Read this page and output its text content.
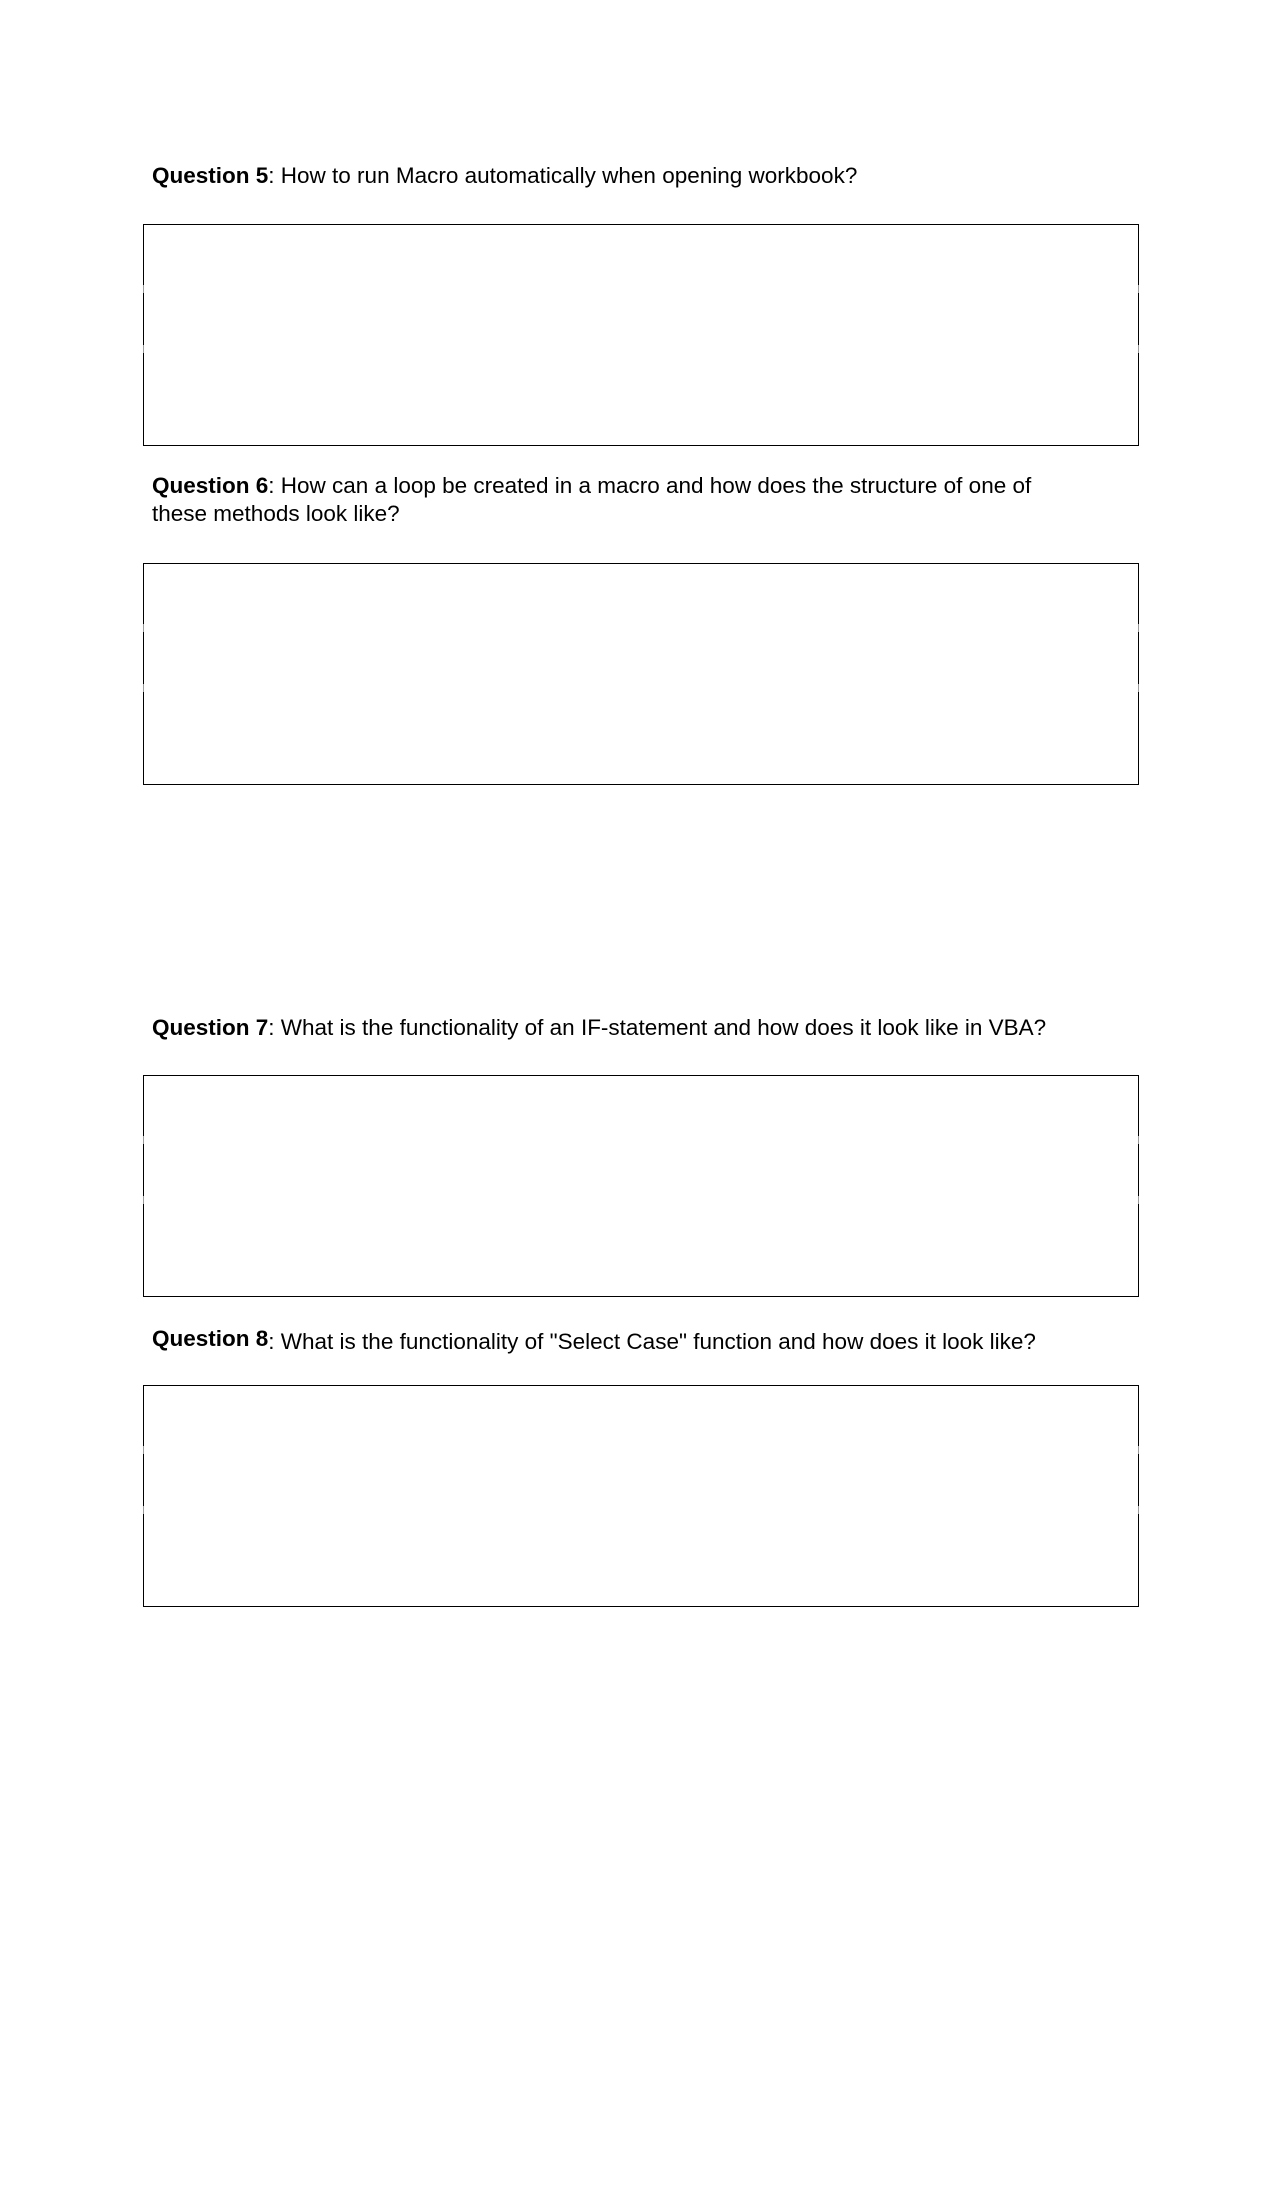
Question 5: How to run Macro automatically when opening workbook?

Question 6: How can a loop be created in a macro and how does the structure of one of these methods look like?

Question 7: What is the functionality of an IF-statement and how does it look like in VBA?

Question 8: What is the functionality of "Select Case" function and how does it look like?
